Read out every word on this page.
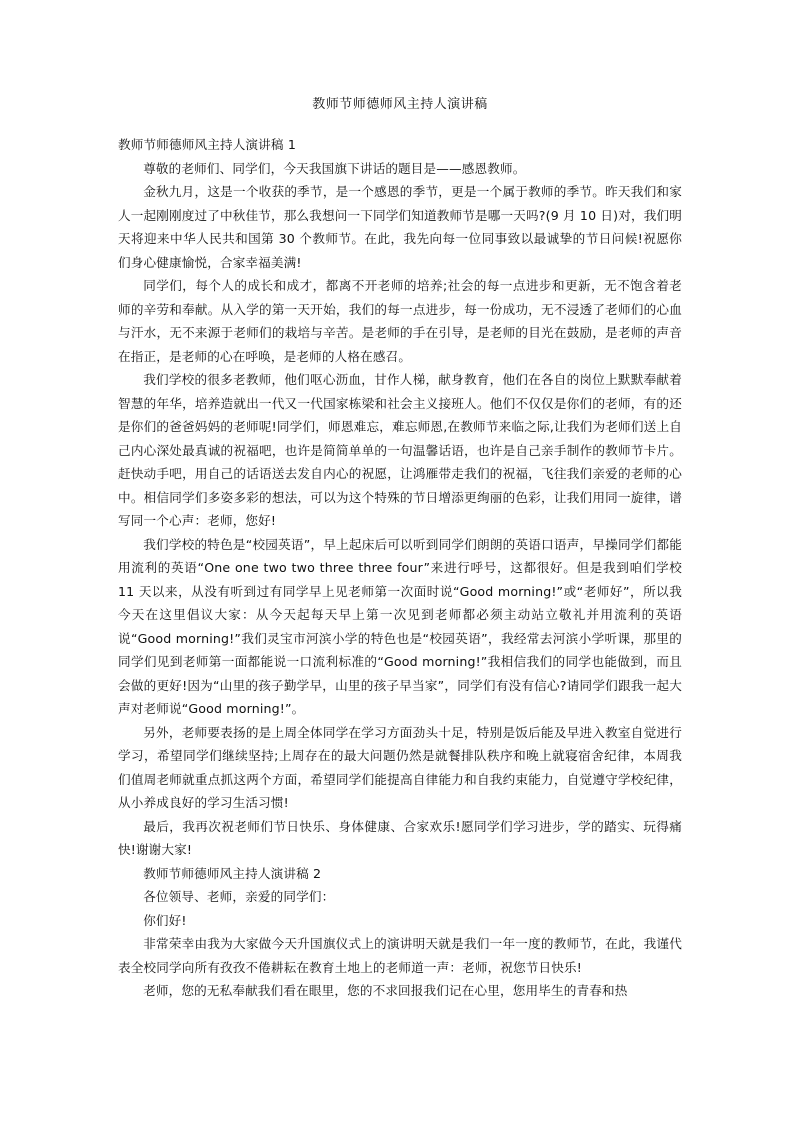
教师节师德师风主持人演讲稿

教师节师德师风主持人演讲稿 1

尊敬的老师们、同学们，今天我国旗下讲话的题目是——感恩教师。

金秋九月，这是一个收获的季节，是一个感恩的季节，更是一个属于教师的季节。昨天我们和家人一起刚刚度过了中秋佳节，那么我想问一下同学们知道教师节是哪一天吗?(9 月 10 日)对，我们明天将迎来中华人民共和国第 30 个教师节。在此，我先向每一位同事致以最诚挚的节日问候!祝愿你们身心健康愉悦，合家幸福美满!

同学们，每个人的成长和成才，都离不开老师的培养;社会的每一点进步和更新，无不饱含着老师的辛劳和奉献。从入学的第一天开始，我们的每一点进步，每一份成功，无不浸透了老师们的心血与汗水，无不来源于老师们的栽培与辛苦。是老师的手在引导，是老师的目光在鼓励，是老师的声音在指正，是老师的心在呼唤，是老师的人格在感召。

我们学校的很多老教师，他们呕心沥血，甘作人梯，献身教育，他们在各自的岗位上默默奉献着智慧的年华，培养造就出一代又一代国家栋梁和社会主义接班人。他们不仅仅是你们的老师，有的还是你们的爸爸妈妈的老师呢!同学们，师恩难忘，难忘师恩,在教师节来临之际,让我们为老师们送上自己内心深处最真诚的祝福吧，也许是简简单单的一句温馨话语，也许是自己亲手制作的教师节卡片。赶快动手吧，用自己的话语送去发自内心的祝愿，让鸿雁带走我们的祝福，飞往我们亲爱的老师的心中。相信同学们多姿多彩的想法，可以为这个特殊的节日增添更绚丽的色彩，让我们用同一旋律，谱写同一个心声：老师，您好!

我们学校的特色是“校园英语”，早上起床后可以听到同学们朗朗的英语口语声，早操同学们都能用流利的英语“One one two two three three four”来进行呼号，这都很好。但是我到咱们学校 11 天以来，从没有听到过有同学早上见老师第一次面时说“Good morning!”或“老师好”，所以我今天在这里倡议大家：从今天起每天早上第一次见到老师都必须主动站立敬礼并用流利的英语说“Good morning!”我们灵宝市河滨小学的特色也是“校园英语”，我经常去河滨小学听课，那里的同学们见到老师第一面都能说一口流利标准的“Good morning!”我相信我们的同学也能做到，而且会做的更好!因为“山里的孩子勤学早，山里的孩子早当家”，同学们有没有信心?请同学们跟我一起大声对老师说“Good morning!”。

另外，老师要表扬的是上周全体同学在学习方面劲头十足，特别是饭后能及早进入教室自觉进行学习，希望同学们继续坚持;上周存在的最大问题仍然是就餐排队秩序和晚上就寝宿舍纪律，本周我们值周老师就重点抓这两个方面，希望同学们能提高自律能力和自我约束能力，自觉遵守学校纪律，从小养成良好的学习生活习惯!

最后，我再次祝老师们节日快乐、身体健康、合家欢乐!愿同学们学习进步，学的踏实、玩得痛快!谢谢大家!

教师节师德师风主持人演讲稿 2

各位领导、老师，亲爱的同学们：

你们好!

非常荣幸由我为大家做今天升国旗仪式上的演讲明天就是我们一年一度的教师节，在此，我谨代表全校同学向所有孜孜不倦耕耘在教育土地上的老师道一声：老师，祝您节日快乐!

老师，您的无私奉献我们看在眼里，您的不求回报我们记在心里，您用毕生的青春和热
